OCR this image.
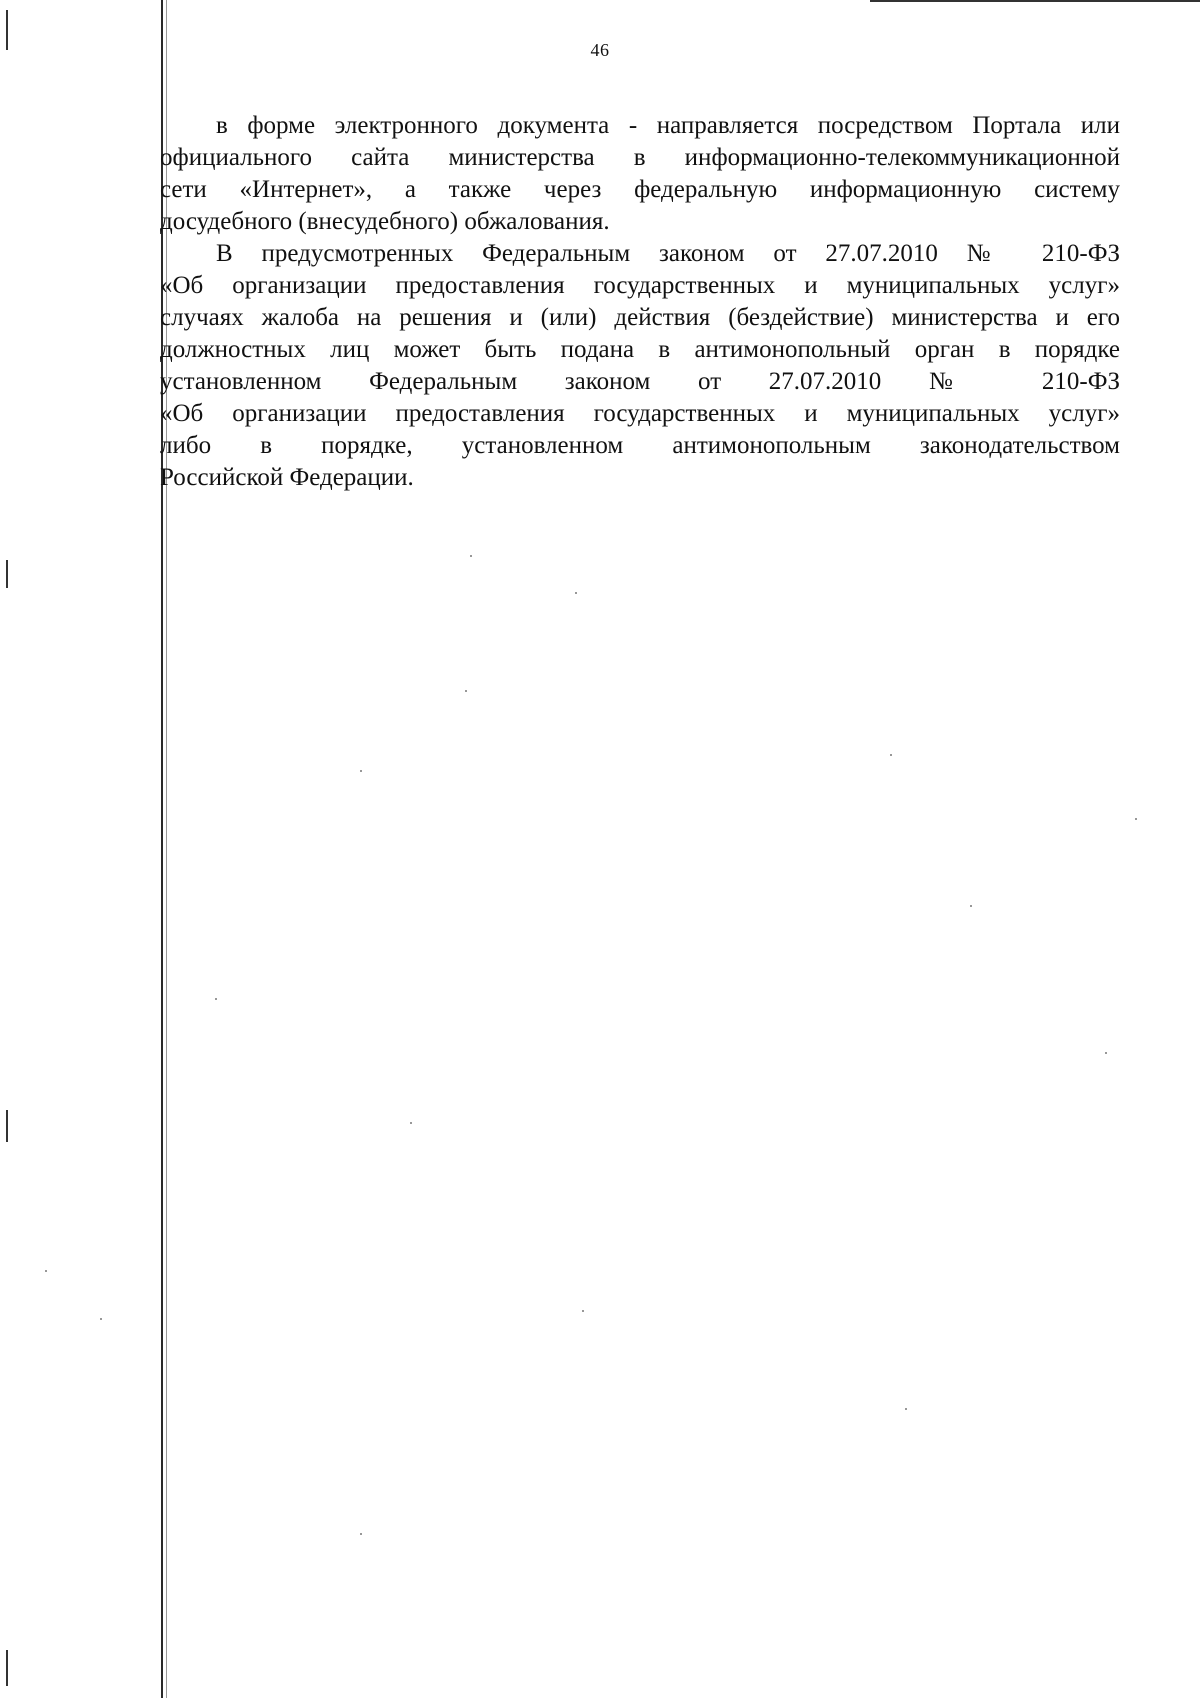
46
в форме электронного документа - направляется посредством Портала или
официального сайта министерства в информационно-телекоммуникационной
сети «Интернет», а также через федеральную информационную систему
досудебного (внесудебного) обжалования.
В предусмотренных Федеральным законом от 27.07.2010 № 210-ФЗ
«Об организации предоставления государственных и муниципальных услуг»
случаях жалоба на решения и (или) действия (бездействие) министерства и его
должностных лиц может быть подана в антимонопольный орган в порядке
установленном Федеральным законом от 27.07.2010 № 210-ФЗ
«Об организации предоставления государственных и муниципальных услуг»
либо в порядке, установленном антимонопольным законодательством
Российской Федерации.
